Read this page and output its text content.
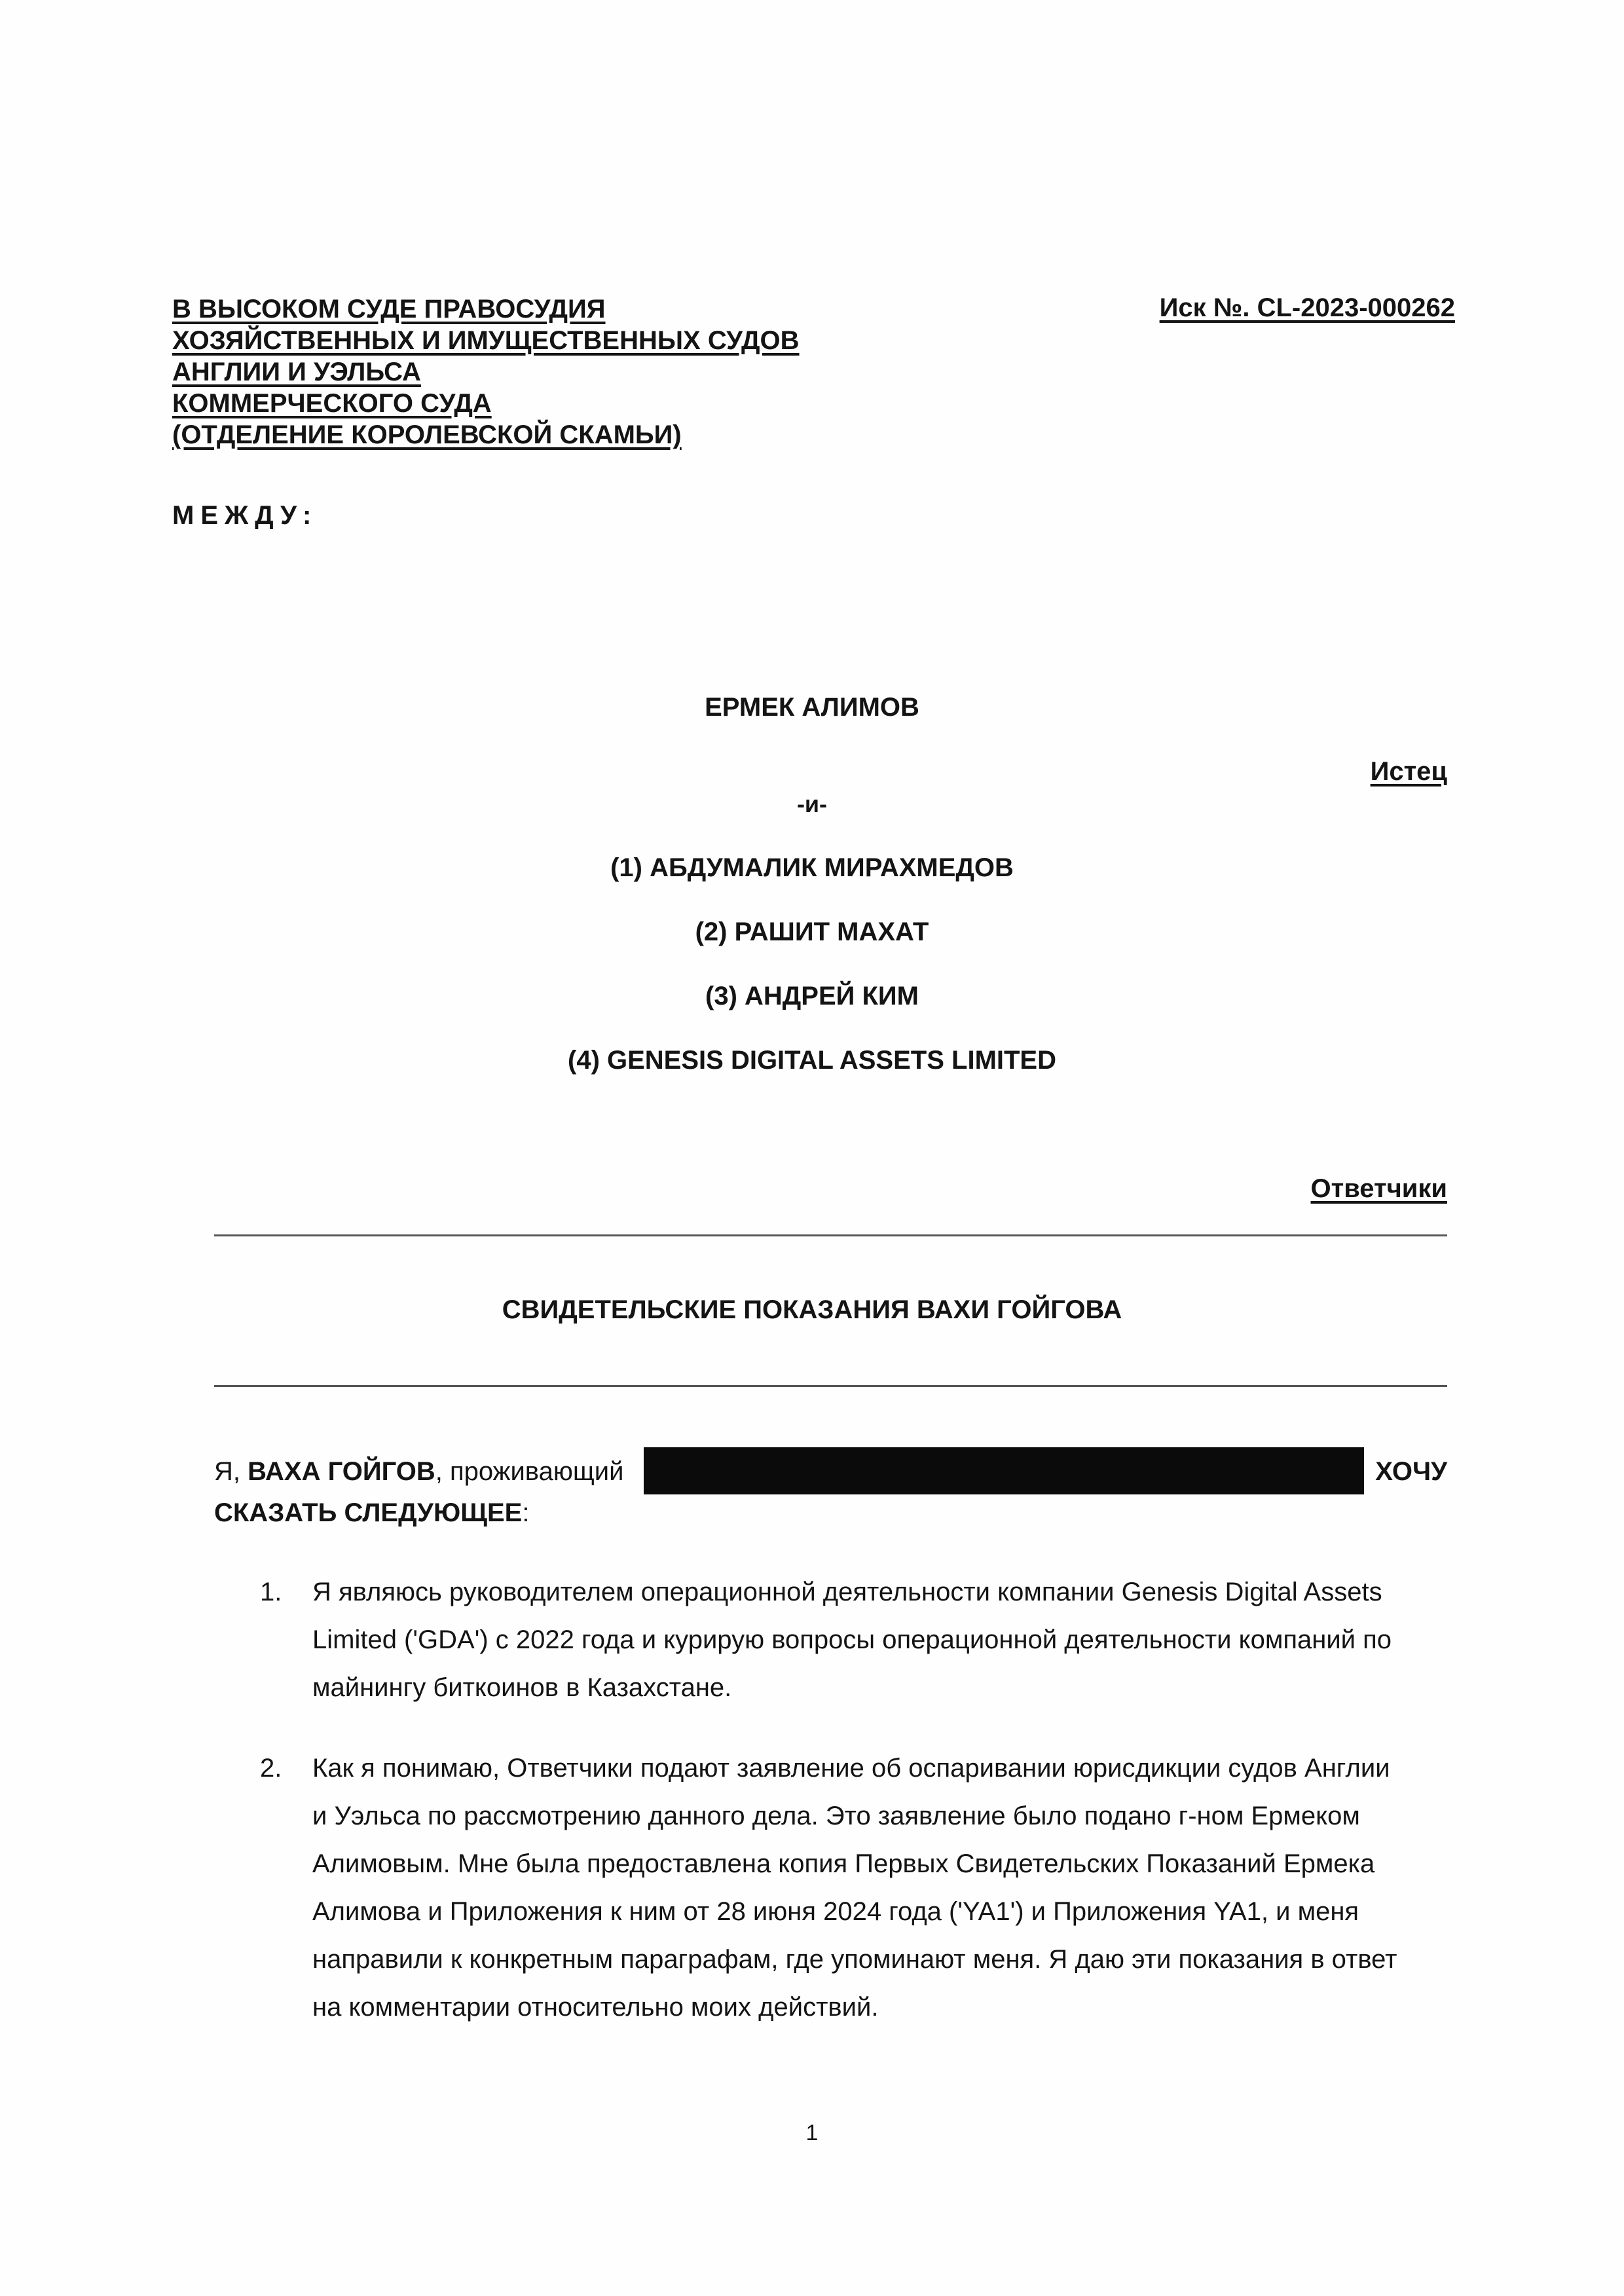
В ВЫСОКОМ СУДЕ ПРАВОСУДИЯ
ХОЗЯЙСТВЕННЫХ И ИМУЩЕСТВЕННЫХ СУДОВ
АНГЛИИ И УЭЛЬСА
КОММЕРЧЕСКОГО СУДА
(ОТДЕЛЕНИЕ КОРОЛЕВСКОЙ СКАМЬИ)
Иск №. CL-2023-000262
МЕЖДУ:
ЕРМЕК АЛИМОВ
Истец
-и-
(1) АБДУМАЛИК МИРАХМЕДОВ
(2) РАШИТ МАХАТ
(3) АНДРЕЙ КИМ
(4) GENESIS DIGITAL ASSETS LIMITED
Ответчики
СВИДЕТЕЛЬСКИЕ ПОКАЗАНИЯ ВАХИ ГОЙГОВА
Я, ВАХА ГОЙГОВ, проживающий	ХОЧУ
СКАЗАТЬ СЛЕДУЮЩЕЕ:
1. Я являюсь руководителем операционной деятельности компании Genesis Digital Assets
Limited ('GDA') с 2022 года и курирую вопросы операционной деятельности компаний по
майнингу биткоинов в Казахстане.
2. Как я понимаю, Ответчики подают заявление об оспаривании юрисдикции судов Англии
и Уэльса по рассмотрению данного дела. Это заявление было подано г-ном Ермеком
Алимовым. Мне была предоставлена копия Первых Свидетельских Показаний Ермека
Алимова и Приложения к ним от 28 июня 2024 года ('YA1') и Приложения YA1, и меня
направили к конкретным параграфам, где упоминают меня. Я даю эти показания в ответ
на комментарии относительно моих действий.
1
